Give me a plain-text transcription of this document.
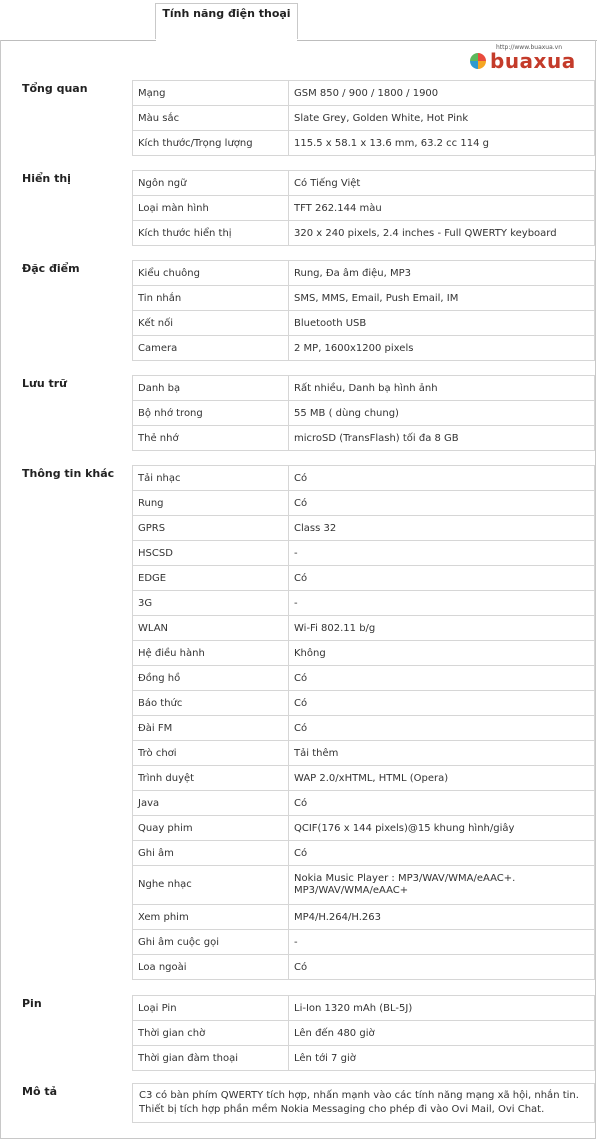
Tính năng điện thoại
http://www.buaxua.vn
buaxua
Tổng quan	Mạng	GSM 850 / 900 / 1800 / 1900
Màu sắc	Slate Grey, Golden White, Hot Pink
Kích thước/Trọng lượng	115.5 x 58.1 x 13.6 mm, 63.2 cc 114 g
Hiển thị	Ngôn ngữ	Có Tiếng Việt
Loại màn hình	TFT 262.144 màu
Kích thước hiển thị	320 x 240 pixels, 2.4 inches - Full QWERTY keyboard
Đặc điểm	Kiểu chuông	Rung, Đa âm điệu, MP3
Tin nhắn	SMS, MMS, Email, Push Email, IM
Kết nối	Bluetooth USB
Camera	2 MP, 1600x1200 pixels
Lưu trữ	Danh bạ	Rất nhiều, Danh bạ hình ảnh
Bộ nhớ trong	55 MB ( dùng chung)
Thẻ nhớ	microSD (TransFlash) tối đa 8 GB
Thông tin khác Tải nhạc	Có
Rung	Có
GPRS	Class 32
HSCSD	-
EDGE	Có
3G	-
WLAN	Wi-Fi 802.11 b/g
Hệ điều hành	Không
Đồng hồ	Có
Báo thức	Có
Đài FM	Có
Trò chơi	Tải thêm
Trình duyệt	WAP 2.0/xHTML, HTML (Opera)
Java	Có
Quay phim	QCIF(176 x 144 pixels)@15 khung hình/giây
Ghi âm	Có
Nghe nhạc	Nokia Music Player : MP3/WAV/WMA/eAAC+. MP3/WAV/WMA/eAAC+
Xem phim	MP4/H.264/H.263
Ghi âm cuộc gọi	-
Loa ngoài	Có
Pin	Loại Pin	Li-Ion 1320 mAh (BL-5J)
Thời gian chờ	Lên đến 480 giờ
Thời gian đàm thoại	Lên tới 7 giờ
Mô tả	C3 có bàn phím QWERTY tích hợp, nhấn mạnh vào các tính năng mạng xã hội, nhắn tin. Thiết bị tích hợp phần mềm Nokia Messaging cho phép đi vào Ovi Mail, Ovi Chat.
